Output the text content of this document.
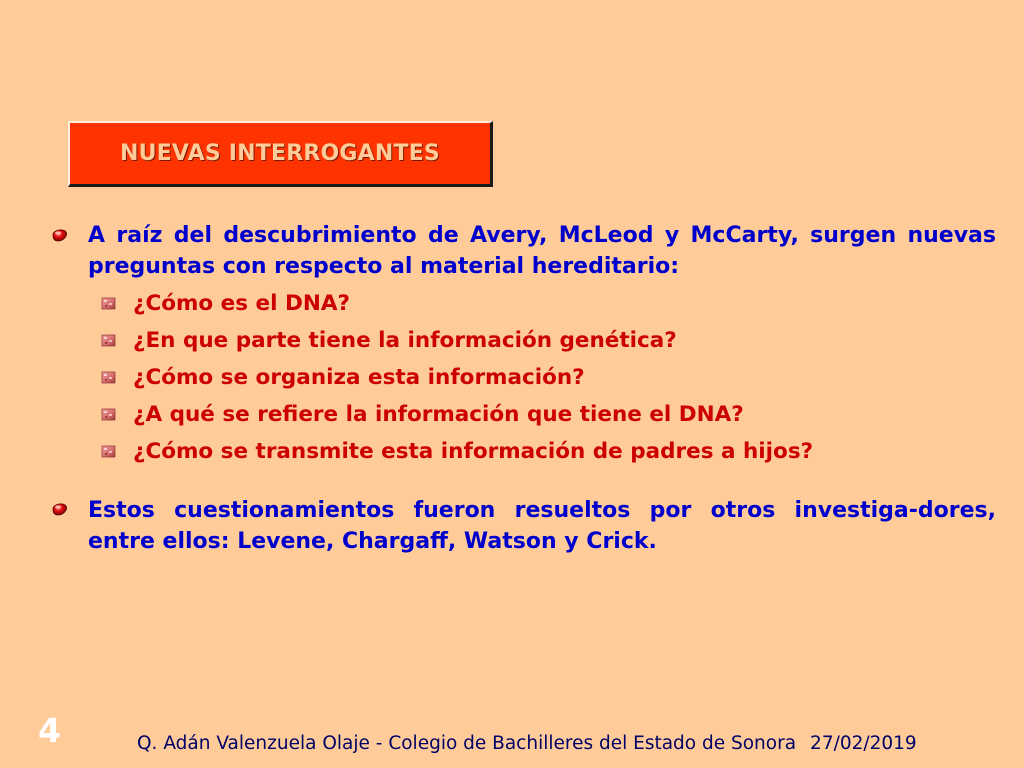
NUEVAS INTERROGANTES

A raíz del descubrimiento de Avery, McLeod y McCarty, surgen nuevas preguntas con respecto al material hereditario:

¿Cómo es el DNA?
¿En que parte tiene la información genética?
¿Cómo se organiza esta información?
¿A qué se refiere la información que tiene el DNA?
¿Cómo se transmite esta información de padres a hijos?

Estos cuestionamientos fueron resueltos por otros investiga-dores, entre ellos: Levene, Chargaff, Watson y Crick.

4	Q. Adán Valenzuela Olaje - Colegio de Bachilleres del Estado de Sonora 27/02/2019
